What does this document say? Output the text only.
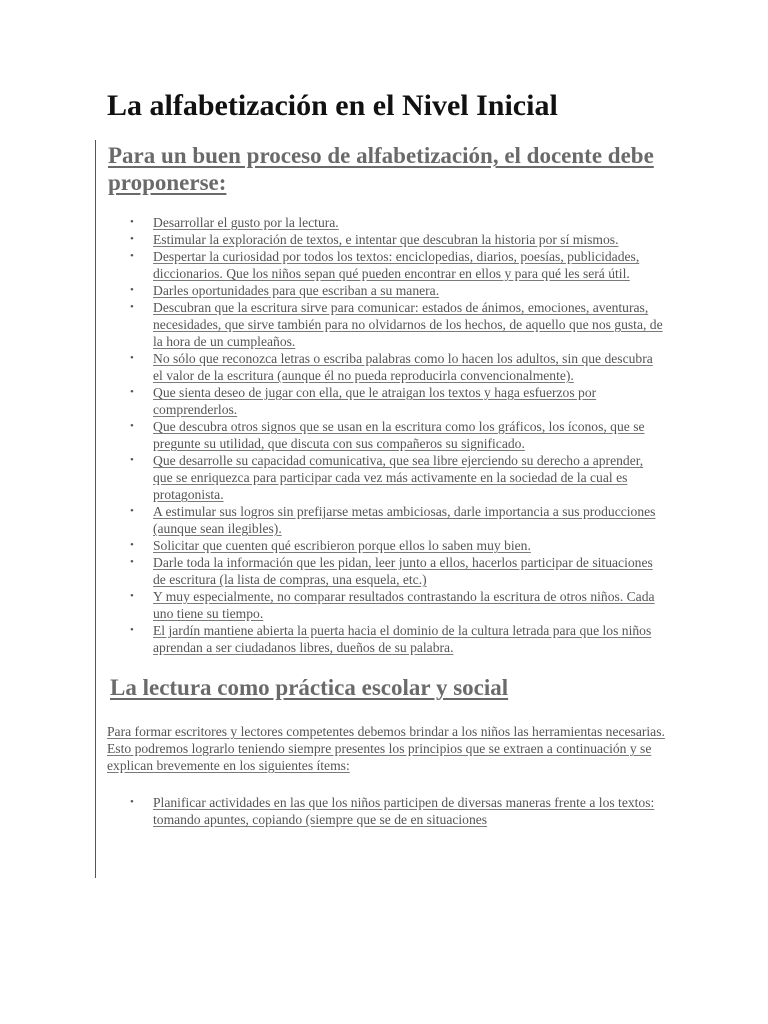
La alfabetización en el Nivel Inicial
Para un buen proceso de alfabetización, el docente debe proponerse:
• Desarrollar el gusto por la lectura.
• Estimular la exploración de textos, e intentar que descubran la historia por sí mismos.
• Despertar la curiosidad por todos los textos: enciclopedias, diarios, poesías, publicidades, diccionarios. Que los niños sepan qué pueden encontrar en ellos y para qué les será útil.
• Darles oportunidades para que escriban a su manera.
• Descubran que la escritura sirve para comunicar: estados de ánimos, emociones, aventuras, necesidades, que sirve también para no olvidarnos de los hechos, de aquello que nos gusta, de la hora de un cumpleaños.
• No sólo que reconozca letras o escriba palabras como lo hacen los adultos, sin que descubra el valor de la escritura (aunque él no pueda reproducirla convencionalmente).
• Que sienta deseo de jugar con ella, que le atraigan los textos y haga esfuerzos por comprenderlos.
• Que descubra otros signos que se usan en la escritura como los gráficos, los íconos, que se pregunte su utilidad, que discuta con sus compañeros su significado.
• Que desarrolle su capacidad comunicativa, que sea libre ejerciendo su derecho a aprender, que se enriquezca para participar cada vez más activamente en la sociedad de la cual es protagonista.
• A estimular sus logros sin prefijarse metas ambiciosas, darle importancia a sus producciones (aunque sean ilegibles).
• Solicitar que cuenten qué escribieron porque ellos lo saben muy bien.
• Darle toda la información que les pidan, leer junto a ellos, hacerlos participar de situaciones de escritura (la lista de compras, una esquela, etc.)
• Y muy especialmente, no comparar resultados contrastando la escritura de otros niños. Cada uno tiene su tiempo.
• El jardín mantiene abierta la puerta hacia el dominio de la cultura letrada para que los niños aprendan a ser ciudadanos libres, dueños de su palabra.
La lectura como práctica escolar y social

Para formar escritores y lectores competentes debemos brindar a los niños las herramientas necesarias. Esto podremos lograrlo teniendo siempre presentes los principios que se extraen a continuación y se explican brevemente en los siguientes ítems:

• Planificar actividades en las que los niños participen de diversas maneras frente a los textos: tomando apuntes, copiando (siempre que se de en situaciones
